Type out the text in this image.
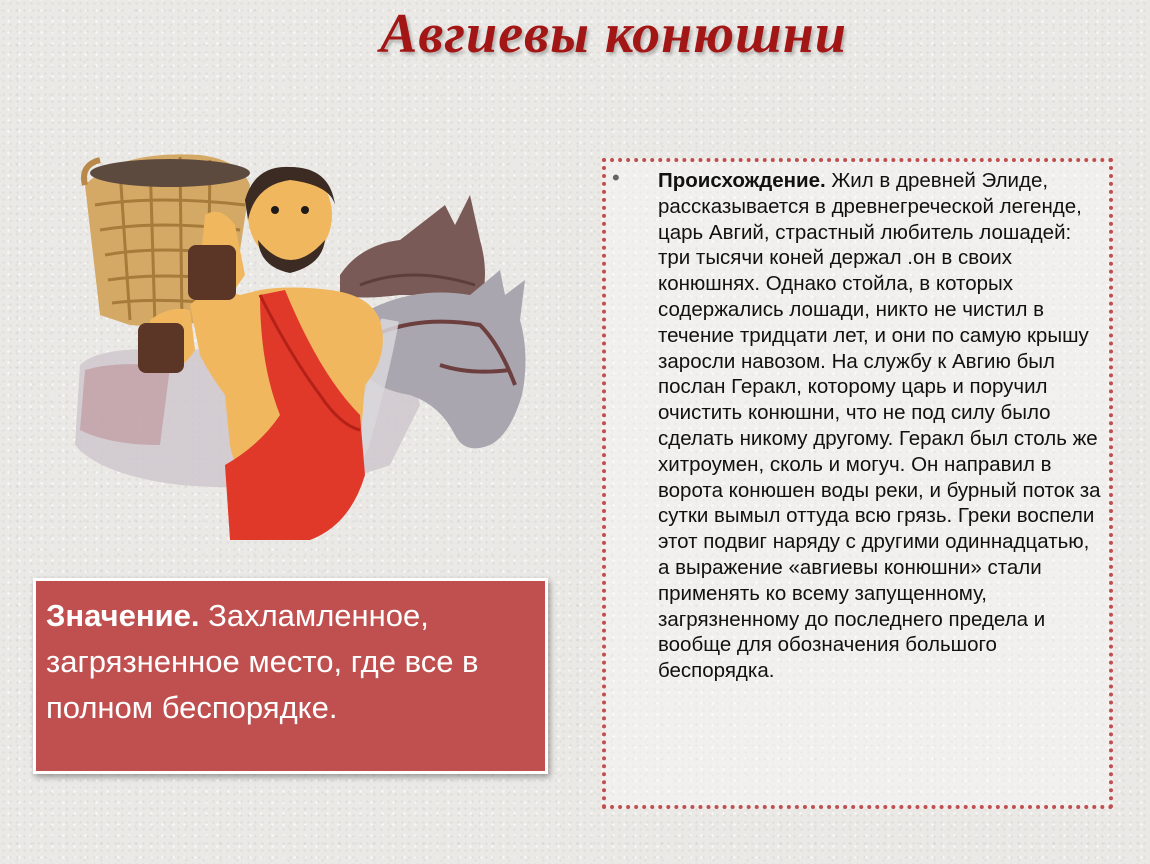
Авгиевы конюшни
Значение. Захламленное, загрязненное место, где все в полном беспорядке.
• Происхождение. Жил в древней Элиде, рассказывается в древнегреческой легенде, царь Авгий, страстный любитель лошадей: три тысячи коней держал .он в своих конюшнях. Однако стойла, в которых содержались лошади, никто не чистил в течение тридцати лет, и они по самую крышу заросли навозом. На службу к Авгию был послан Геракл, которому царь и поручил очистить конюшни, что не под силу было сделать никому другому. Геракл был столь же хитроумен, сколь и могуч. Он направил в ворота конюшен воды реки, и бурный поток за сутки вымыл оттуда всю грязь. Греки воспели этот подвиг наряду с другими одиннадцатью, а выражение «авгиевы конюшни» стали применять ко всему запущенному, загрязненному до последнего предела и вообще для обозначения большого беспорядка.
